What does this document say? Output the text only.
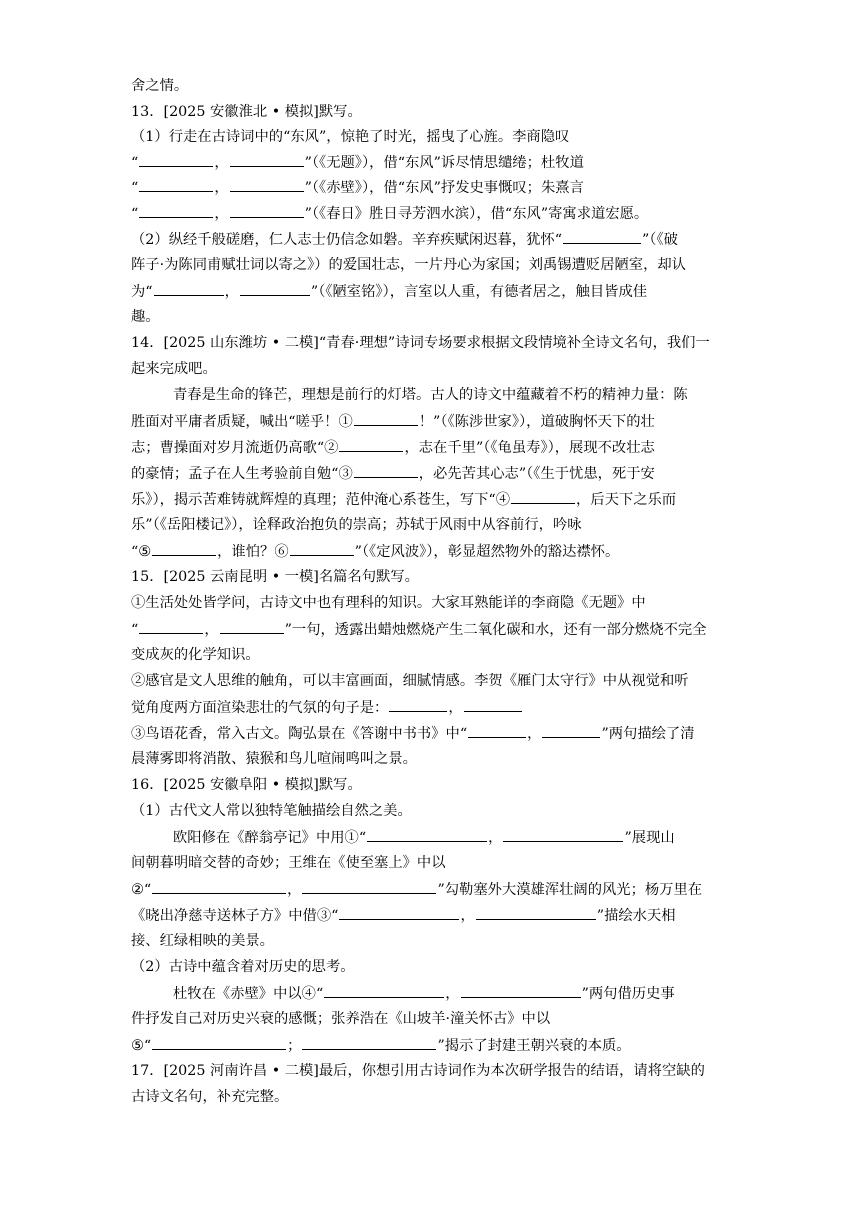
舍之情。
13．[2025 安徽淮北 • 模拟]默写。
（1）行走在古诗词中的“东风”，惊艳了时光，摇曳了心旌。李商隐叹
“	，	”（《无题》），借“东风”诉尽情思缱绻；杜牧道
“	，	”（《赤壁》），借“东风”抒发史事慨叹；朱熹言
“	，	”（《春日》胜日寻芳泗水滨），借“东风”寄寓求道宏愿。
（2）纵经千般磋磨，仁人志士仍信念如磐。辛弃疾赋闲迟暮，犹怀“	”（《破
阵子·为陈同甫赋壮词以寄之》）的爱国壮志，一片丹心为家国；刘禹锡遭贬居陋室，却认
为“	，	”（《陋室铭》），言室以人重，有德者居之，触目皆成佳
趣。
14．[2025 山东潍坊 • 二模]“青春·理想”诗词专场要求根据文段情境补全诗文名句，我们一
起来完成吧。
青春是生命的锋芒，理想是前行的灯塔。古人的诗文中蕴藏着不朽的精神力量：陈
胜面对平庸者质疑，喊出“嗟乎！①	！”（《陈涉世家》），道破胸怀天下的壮
志；曹操面对岁月流逝仍高歌“②	，志在千里”（《龟虽寿》），展现不改壮志
的豪情；孟子在人生考验前自勉“③	，必先苦其心志”（《生于忧患，死于安
乐》），揭示苦难铸就辉煌的真理；范仲淹心系苍生，写下“④	，后天下之乐而
乐”（《岳阳楼记》），诠释政治抱负的崇高；苏轼于风雨中从容前行，吟咏
“⑤	，谁怕？⑥	”（《定风波》），彰显超然物外的豁达襟怀。
15．[2025 云南昆明 • 一模]名篇名句默写。
①生活处处皆学问，古诗文中也有理科的知识。大家耳熟能详的李商隐《无题》中
“	，	”一句，透露出蜡烛燃烧产生二氧化碳和水，还有一部分燃烧不完全
变成灰的化学知识。
②感官是文人思维的触角，可以丰富画面，细腻情感。李贺《雁门太守行》中从视觉和听
觉角度两方面渲染悲壮的气氛的句子是：	，
③鸟语花香，常入古文。陶弘景在《答谢中书书》中“	，	”两句描绘了清
晨薄雾即将消散、猿猴和鸟儿喧闹鸣叫之景。
16．[2025 安徽阜阳 • 模拟]默写。
（1）古代文人常以独特笔触描绘自然之美。
欧阳修在《醉翁亭记》中用①“	，	”展现山
间朝暮明暗交替的奇妙；王维在《使至塞上》中以
②“	，	”勾勒塞外大漠雄浑壮阔的风光；杨万里在
《晓出净慈寺送林子方》中借③“	，	”描绘水天相
接、红绿相映的美景。
（2）古诗中蕴含着对历史的思考。
杜牧在《赤壁》中以④“	，	”两句借历史事
件抒发自己对历史兴衰的感慨；张养浩在《山坡羊·潼关怀古》中以
⑤“	；	”揭示了封建王朝兴衰的本质。
17．[2025 河南许昌 • 二模]最后，你想引用古诗词作为本次研学报告的结语，请将空缺的
古诗文名句，补充完整。
